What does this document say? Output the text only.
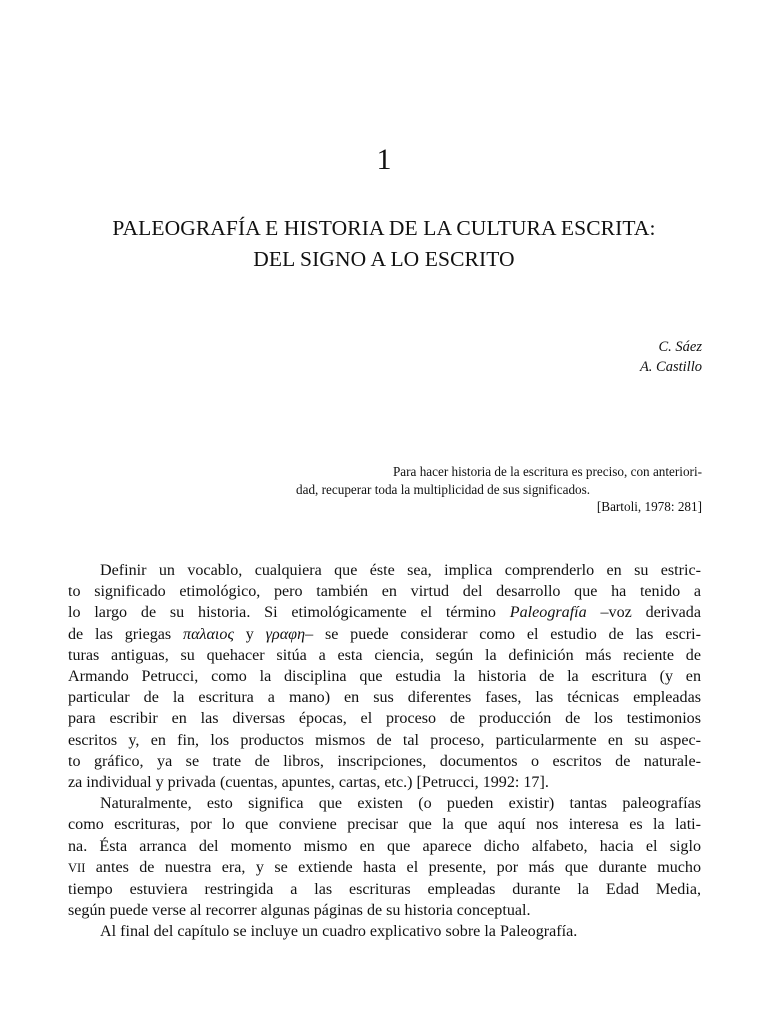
1
PALEOGRAFÍA E HISTORIA DE LA CULTURA ESCRITA:
DEL SIGNO A LO ESCRITO
C. Sáez
A. Castillo
Para hacer historia de la escritura es preciso, con anteriori-
dad, recuperar toda la multiplicidad de sus significados.
[Bartoli, 1978: 281]
Definir un vocablo, cualquiera que éste sea, implica comprenderlo en su estric-
to significado etimológico, pero también en virtud del desarrollo que ha tenido a
lo largo de su historia. Si etimológicamente el término Paleografía –voz derivada
de las griegas παλαιος y γραφη– se puede considerar como el estudio de las escri-
turas antiguas, su quehacer sitúa a esta ciencia, según la definición más reciente de
Armando Petrucci, como la disciplina que estudia la historia de la escritura (y en
particular de la escritura a mano) en sus diferentes fases, las técnicas empleadas
para escribir en las diversas épocas, el proceso de producción de los testimonios
escritos y, en fin, los productos mismos de tal proceso, particularmente en su aspec-
to gráfico, ya se trate de libros, inscripciones, documentos o escritos de naturale-
za individual y privada (cuentas, apuntes, cartas, etc.) [Petrucci, 1992: 17].
Naturalmente, esto significa que existen (o pueden existir) tantas paleografías
como escrituras, por lo que conviene precisar que la que aquí nos interesa es la lati-
na. Ésta arranca del momento mismo en que aparece dicho alfabeto, hacia el siglo
VII antes de nuestra era, y se extiende hasta el presente, por más que durante mucho
tiempo estuviera restringida a las escrituras empleadas durante la Edad Media,
según puede verse al recorrer algunas páginas de su historia conceptual.
Al final del capítulo se incluye un cuadro explicativo sobre la Paleografía.
